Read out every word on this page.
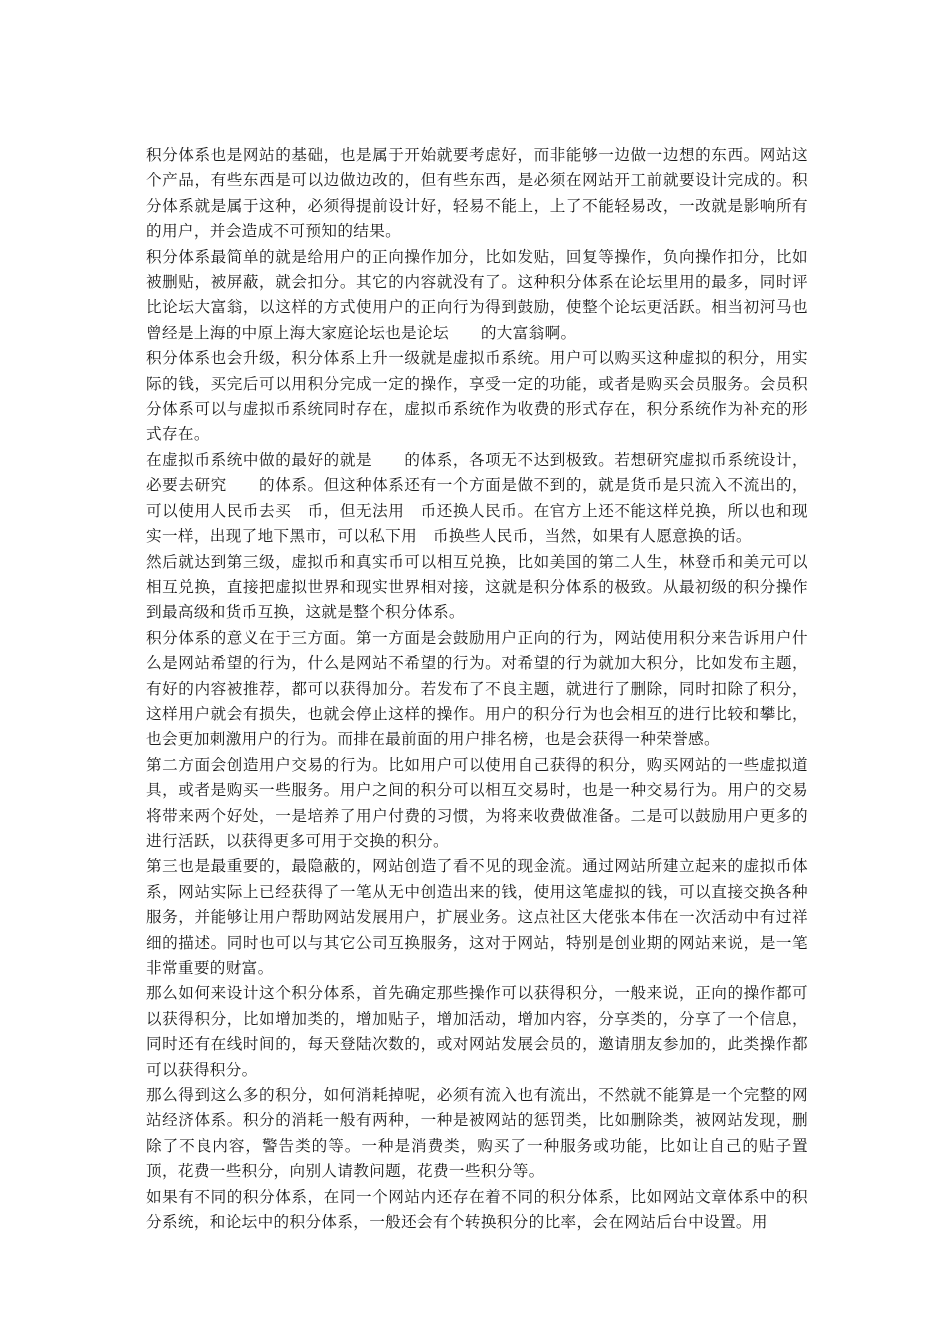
积分体系也是网站的基础，也是属于开始就要考虑好，而非能够一边做一边想的东西。网站这个产品，有些东西是可以边做边改的，但有些东西，是必须在网站开工前就要设计完成的。积分体系就是属于这种，必须得提前设计好，轻易不能上，上了不能轻易改，一改就是影响所有的用户，并会造成不可预知的结果。

积分体系最简单的就是给用户的正向操作加分，比如发贴，回复等操作，负向操作扣分，比如被删贴，被屏蔽，就会扣分。其它的内容就没有了。这种积分体系在论坛里用的最多，同时评比论坛大富翁，以这样的方式使用户的正向行为得到鼓励，使整个论坛更活跃。相当初河马也曾经是上海的中原上海大家庭论坛也是论坛　　的大富翁啊。

积分体系也会升级，积分体系上升一级就是虚拟币系统。用户可以购买这种虚拟的积分，用实际的钱，买完后可以用积分完成一定的操作，享受一定的功能，或者是购买会员服务。会员积分体系可以与虚拟币系统同时存在，虚拟币系统作为收费的形式存在，积分系统作为补充的形式存在。

在虚拟币系统中做的最好的就是　　的体系，各项无不达到极致。若想研究虚拟币系统设计，必要去研究　　的体系。但这种体系还有一个方面是做不到的，就是货币是只流入不流出的，可以使用人民币去买　币，但无法用　币还换人民币。在官方上还不能这样兑换，所以也和现实一样，出现了地下黑市，可以私下用　币换些人民币，当然，如果有人愿意换的话。

然后就达到第三级，虚拟币和真实币可以相互兑换，比如美国的第二人生，林登币和美元可以相互兑换，直接把虚拟世界和现实世界相对接，这就是积分体系的极致。从最初级的积分操作到最高级和货币互换，这就是整个积分体系。

积分体系的意义在于三方面。第一方面是会鼓励用户正向的行为，网站使用积分来告诉用户什么是网站希望的行为，什么是网站不希望的行为。对希望的行为就加大积分，比如发布主题，有好的内容被推荐，都可以获得加分。若发布了不良主题，就进行了删除，同时扣除了积分，这样用户就会有损失，也就会停止这样的操作。用户的积分行为也会相互的进行比较和攀比，也会更加刺激用户的行为。而排在最前面的用户排名榜，也是会获得一种荣誉感。

第二方面会创造用户交易的行为。比如用户可以使用自己获得的积分，购买网站的一些虚拟道具，或者是购买一些服务。用户之间的积分可以相互交易时，也是一种交易行为。用户的交易将带来两个好处，一是培养了用户付费的习惯，为将来收费做准备。二是可以鼓励用户更多的进行活跃，以获得更多可用于交换的积分。

第三也是最重要的，最隐蔽的，网站创造了看不见的现金流。通过网站所建立起来的虚拟币体系，网站实际上已经获得了一笔从无中创造出来的钱，使用这笔虚拟的钱，可以直接交换各种服务，并能够让用户帮助网站发展用户，扩展业务。这点社区大佬张本伟在一次活动中有过祥细的描述。同时也可以与其它公司互换服务，这对于网站，特别是创业期的网站来说，是一笔非常重要的财富。

那么如何来设计这个积分体系，首先确定那些操作可以获得积分，一般来说，正向的操作都可以获得积分，比如增加类的，增加贴子，增加活动，增加内容，分享类的，分享了一个信息，同时还有在线时间的，每天登陆次数的，或对网站发展会员的，邀请朋友参加的，此类操作都可以获得积分。

那么得到这么多的积分，如何消耗掉呢，必须有流入也有流出，不然就不能算是一个完整的网站经济体系。积分的消耗一般有两种，一种是被网站的惩罚类，比如删除类，被网站发现，删除了不良内容，警告类的等。一种是消费类，购买了一种服务或功能，比如让自己的贴子置顶，花费一些积分，向别人请教问题，花费一些积分等。

如果有不同的积分体系，在同一个网站内还存在着不同的积分体系，比如网站文章体系中的积分系统，和论坛中的积分体系，一般还会有个转换积分的比率，会在网站后台中设置。用
